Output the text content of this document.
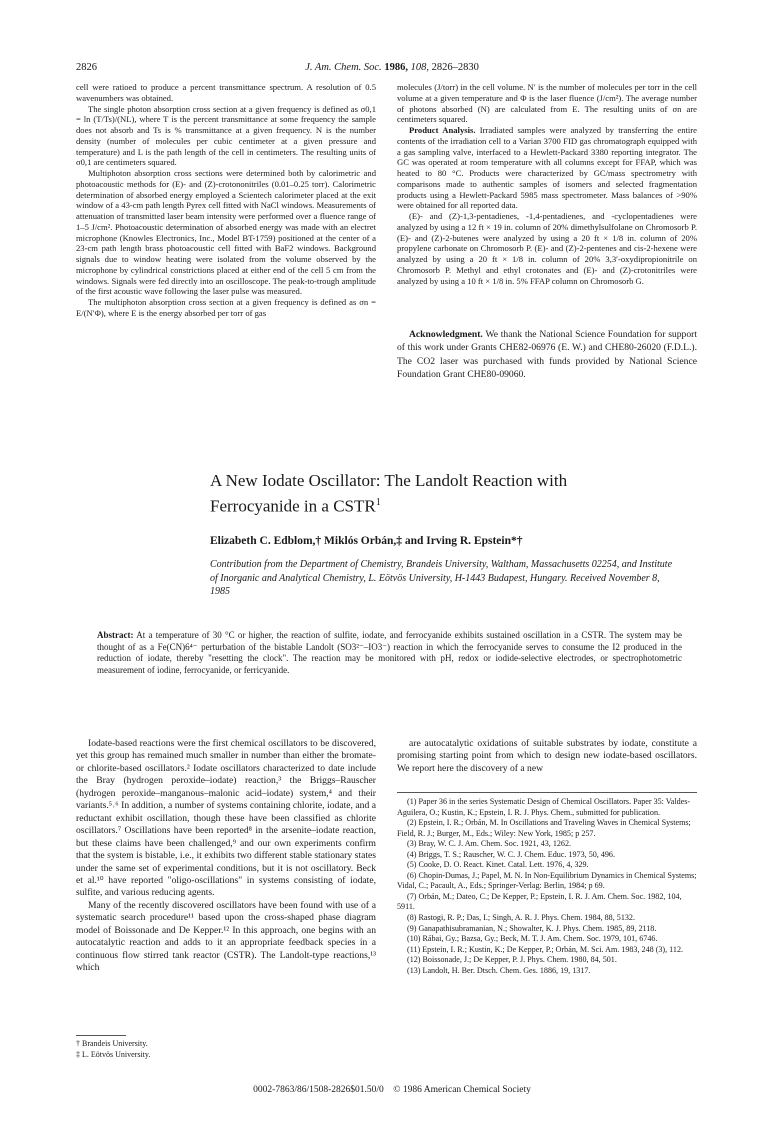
2826	J. Am. Chem. Soc. 1986, 108, 2826–2830

cell were ratioed to produce a percent transmittance spectrum. A resolution of 0.5 wavenumbers was obtained.

The single photon absorption cross section at a given frequency is defined as σ0,1 = ln (T/Ts)/(NL), where T is the percent transmittance at some frequency the sample does not absorb and Ts is % transmittance at a given frequency. N is the number density (number of molecules per cubic centimeter at a given pressure and temperature) and L is the path length of the cell in centimeters. The resulting units of σ0,1 are centimeters squared.

Multiphoton absorption cross sections were determined both by calorimetric and photoacoustic methods for (E)- and (Z)-crotononitriles (0.01–0.25 torr). Calorimetric determination of absorbed energy employed a Scientech calorimeter placed at the exit window of a 43-cm path length Pyrex cell fitted with NaCl windows. Measurements of attenuation of transmitted laser beam intensity were performed over a fluence range of 1–5 J/cm². Photoacoustic determination of absorbed energy was made with an electret microphone (Knowles Electronics, Inc., Model BT-1759) positioned at the center of a 23-cm path length brass photoacoustic cell fitted with BaF2 windows. Background signals due to window heating were isolated from the volume observed by the microphone by cylindrical constrictions placed at either end of the cell 5 cm from the windows. Signals were fed directly into an oscilloscope. The peak-to-trough amplitude of the first acoustic wave following the laser pulse was measured.

The multiphoton absorption cross section at a given frequency is defined as σn = E/(N′Φ), where E is the energy absorbed per torr of gas

molecules (J/torr) in the cell volume. N′ is the number of molecules per torr in the cell volume at a given temperature and Φ is the laser fluence (J/cm²). The average number of photons absorbed (N) are calculated from E. The resulting units of σn are centimeters squared.

Product Analysis. Irradiated samples were analyzed by transferring the entire contents of the irradiation cell to a Varian 3700 FID gas chromatograph equipped with a gas sampling valve, interfaced to a Hewlett-Packard 3380 reporting integrator. The GC was operated at room temperature with all columns except for FFAP, which was heated to 80 °C. Products were characterized by GC/mass spectrometry with comparisons made to authentic samples of isomers and selected fragmentation products using a Hewlett-Packard 5985 mass spectrometer. Mass balances of >90% were obtained for all reported data.

(E)- and (Z)-1,3-pentadienes, -1,4-pentadienes, and -cyclopentadienes were analyzed by using a 12 ft × 19 in. column of 20% dimethylsulfolane on Chromosorb P. (E)- and (Z)-2-butenes were analyzed by using a 20 ft × 1/8 in. column of 20% propylene carbonate on Chromosorb P. (E)- and (Z)-2-pentenes and cis-2-hexene were analyzed by using a 20 ft × 1/8 in. column of 20% 3,3′-oxydipropionitrile on Chromosorb P. Methyl and ethyl crotonates and (E)- and (Z)-crotonitriles were analyzed by using a 10 ft × 1/8 in. 5% FFAP column on Chromosorb G.

Acknowledgment. We thank the National Science Foundation for support of this work under Grants CHE82-06976 (E. W.) and CHE80-26020 (F.D.L.). The CO2 laser was purchased with funds provided by National Science Foundation Grant CHE80-09060.

A New Iodate Oscillator: The Landolt Reaction with
Ferrocyanide in a CSTR$^1$
Elizabeth C. Edblom,† Miklós Orbán,‡ and Irving R. Epstein*†
Contribution from the Department of Chemistry, Brandeis University, Waltham, Massachusetts 02254, and Institute of Inorganic and Analytical Chemistry, L. Eötvös University, H-1443 Budapest, Hungary. Received November 8, 1985
Abstract: At a temperature of 30 °C or higher, the reaction of sulfite, iodate, and ferrocyanide exhibits sustained oscillation in a CSTR. The system may be thought of as a Fe(CN)6⁴⁻ perturbation of the bistable Landolt (SO3²⁻–IO3⁻) reaction in which the ferrocyanide serves to consume the I2 produced in the reduction of iodate, thereby "resetting the clock". The reaction may be monitored with pH, redox or iodide-selective electrodes, or spectrophotometric measurement of iodine, ferrocyanide, or ferricyanide.

Iodate-based reactions were the first chemical oscillators to be discovered, yet this group has remained much smaller in number than either the bromate- or chlorite-based oscillators.² Iodate oscillators characterized to date include the Bray (hydrogen peroxide–iodate) reaction,³ the Briggs–Rauscher (hydrogen peroxide–manganous–malonic acid–iodate) system,⁴ and their variants.⁵˒⁶ In addition, a number of systems containing chlorite, iodate, and a reductant exhibit oscillation, though these have been classified as chlorite oscillators.⁷ Oscillations have been reported⁸ in the arsenite–iodate reaction, but these claims have been challenged,⁹ and our own experiments confirm that the system is bistable, i.e., it exhibits two different stable stationary states under the same set of experimental conditions, but it is not oscillatory. Beck et al.¹⁰ have reported "oligo-oscillations" in systems consisting of iodate, sulfite, and various reducing agents.

Many of the recently discovered oscillators have been found with use of a systematic search procedure¹¹ based upon the cross-shaped phase diagram model of Boissonade and De Kepper.¹² In this approach, one begins with an autocatalytic reaction and adds to it an appropriate feedback species in a continuous flow stirred tank reactor (CSTR). The Landolt-type reactions,¹³ which

† Brandeis University.
‡ L. Eötvös University.

are autocatalytic oxidations of suitable substrates by iodate, constitute a promising starting point from which to design new iodate-based oscillators. We report here the discovery of a new

(1) Paper 36 in the series Systematic Design of Chemical Oscillators. Paper 35: Valdes-Aguilera, O.; Kustin, K.; Epstein, I. R. J. Phys. Chem., submitted for publication.

(2) Epstein, I. R.; Orbán, M. In Oscillations and Traveling Waves in Chemical Systems; Field, R. J.; Burger, M., Eds.; Wiley: New York, 1985; p 257.

(3) Bray, W. C. J. Am. Chem. Soc. 1921, 43, 1262.

(4) Briggs, T. S.; Rauscher, W. C. J. Chem. Educ. 1973, 50, 496.

(5) Cooke, D. O. React. Kinet. Catal. Lett. 1976, 4, 329.

(6) Chopin-Dumas, J.; Papel, M. N. In Non-Equilibrium Dynamics in Chemical Systems; Vidal, C.; Pacault, A., Eds.; Springer-Verlag: Berlin, 1984; p 69.

(7) Orbán, M.; Dateo, C.; De Kepper, P.; Epstein, I. R. J. Am. Chem. Soc. 1982, 104, 5911.

(8) Rastogi, R. P.; Das, I.; Singh, A. R. J. Phys. Chem. 1984, 88, 5132.

(9) Ganapathisubramanian, N.; Showalter, K. J. Phys. Chem. 1985, 89, 2118.

(10) Rábai, Gy.; Bazsa, Gy.; Beck, M. T. J. Am. Chem. Soc. 1979, 101, 6746.

(11) Epstein, I. R.; Kustin, K.; De Kepper, P.; Orbán, M. Sci. Am. 1983, 248 (3), 112.

(12) Boissonade, J.; De Kepper, P. J. Phys. Chem. 1980, 84, 501.

(13) Landolt, H. Ber. Dtsch. Chem. Ges. 1886, 19, 1317.

0002-7863/86/1508-2826$01.50/0 © 1986 American Chemical Society
